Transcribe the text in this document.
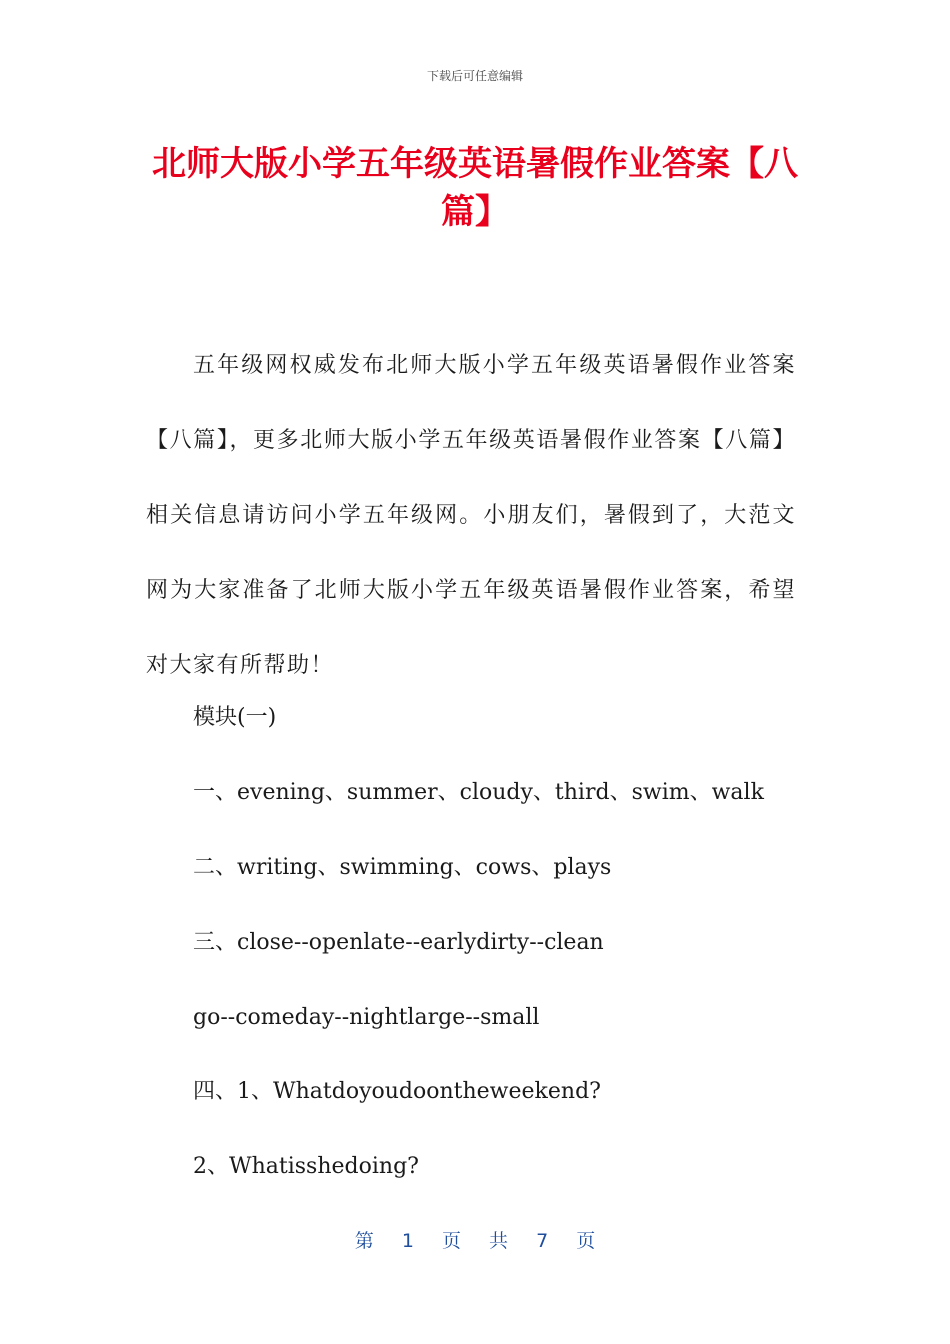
下载后可任意编辑
北师大版小学五年级英语暑假作业答案【八篇】

五年级网权威发布北师大版小学五年级英语暑假作业答案【八篇】，更多北师大版小学五年级英语暑假作业答案【八篇】相关信息请访问小学五年级网。小朋友们，暑假到了，大范文网为大家准备了北师大版小学五年级英语暑假作业答案，希望对大家有所帮助！

模块(一)
一、evening、summer、cloudy、third、swim、walk
二、writing、swimming、cows、plays
三、close--openlate--earlydirty--clean
go--comeday--nightlarge--small
四、1、Whatdoyoudoontheweekend?
2、Whatisshedoing?
第 1 页 共 7 页
